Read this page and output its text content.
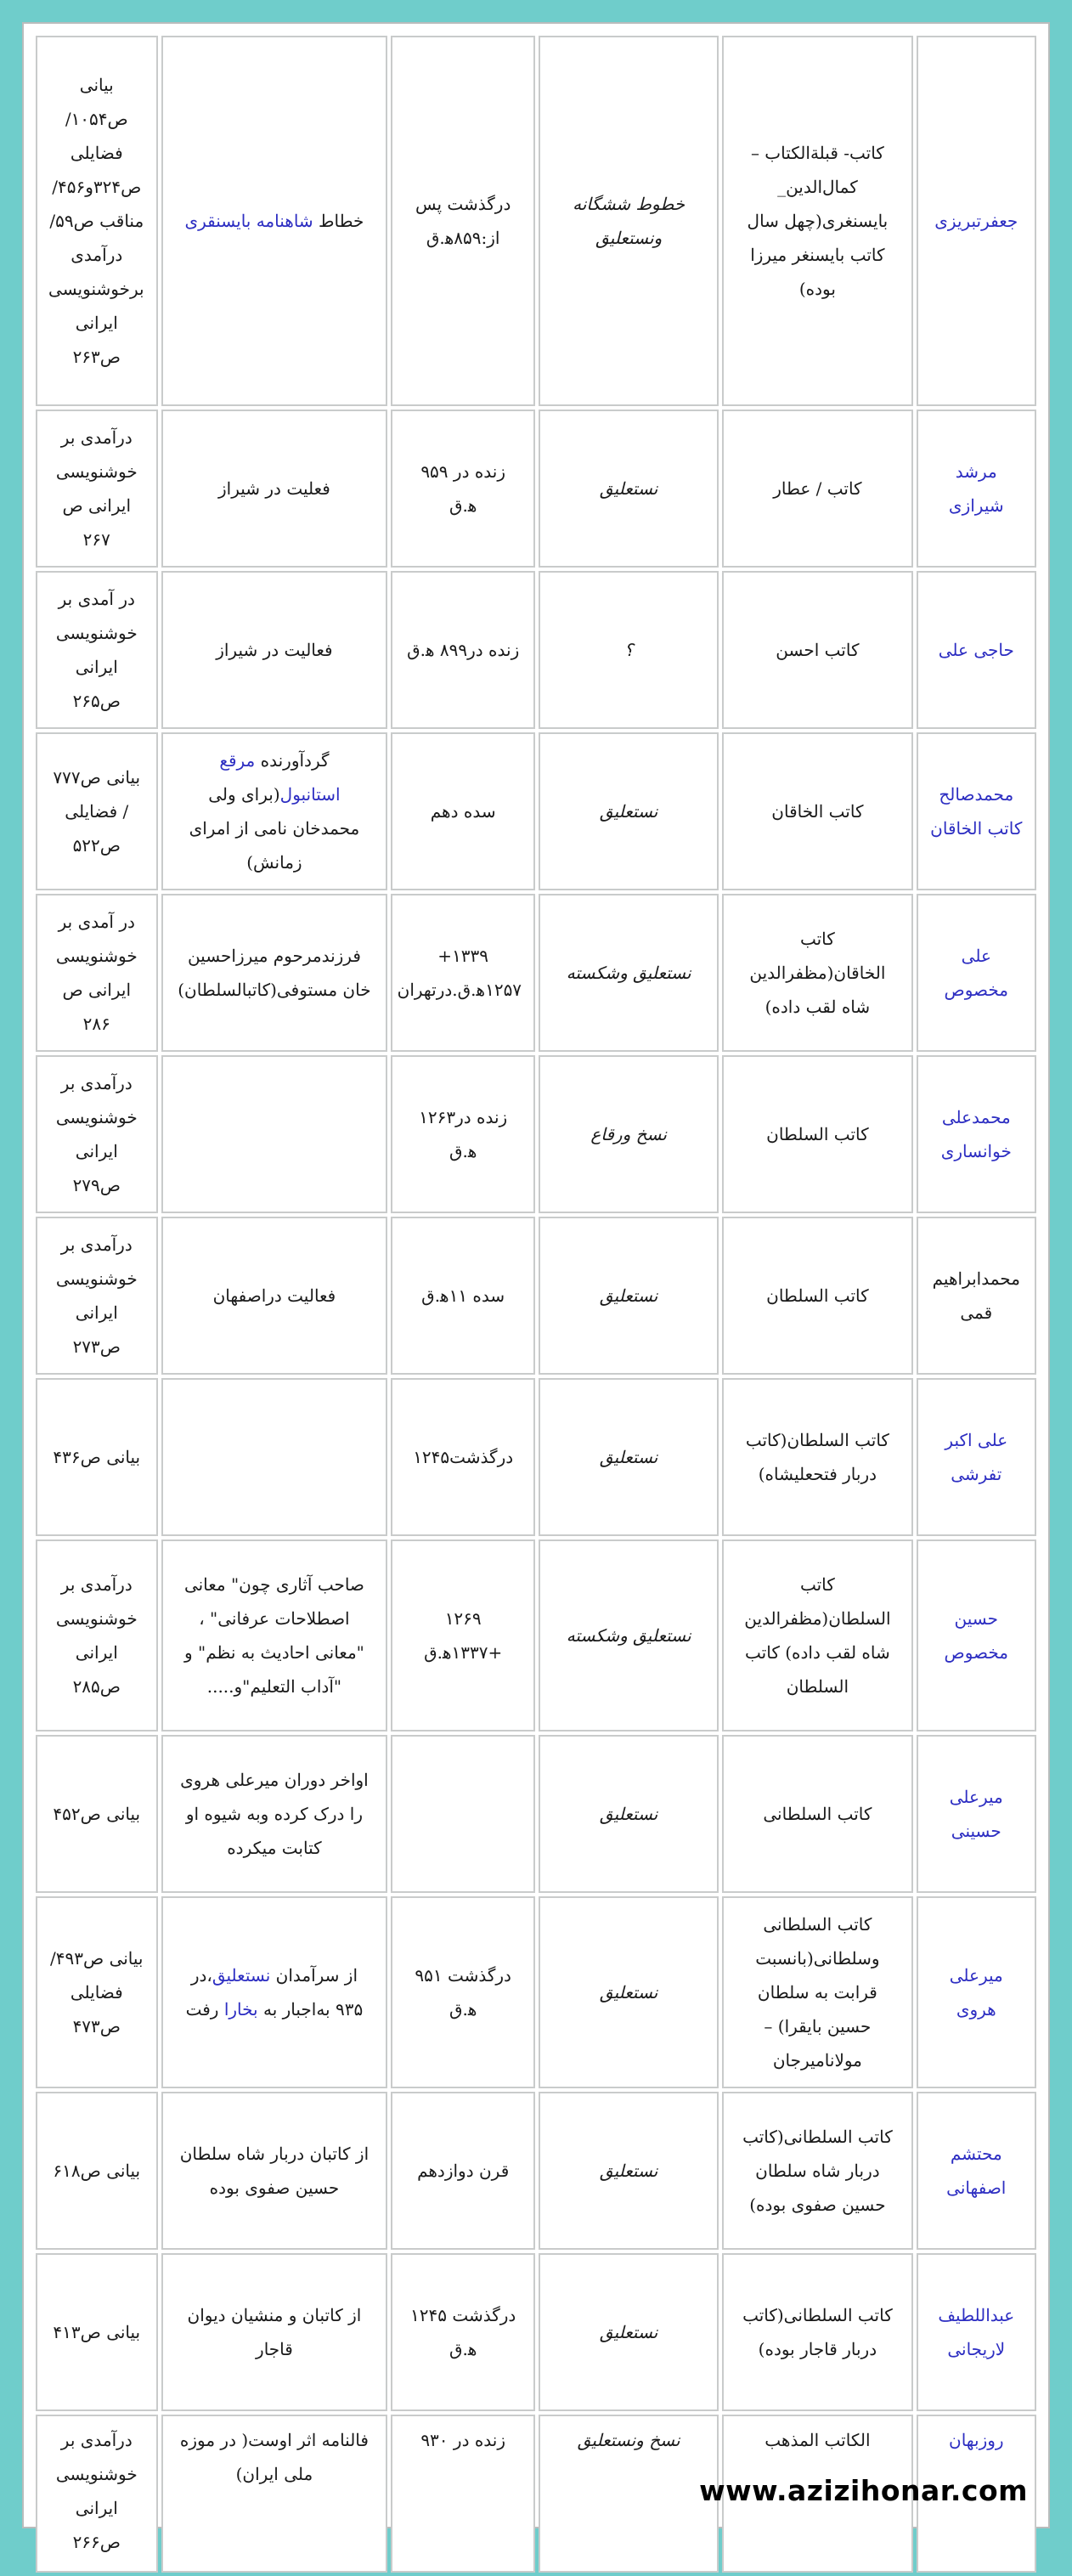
جعفرتبریزی	کاتب- قبلة‌الکتاب – کمال‌الدین_ بایسنغری(چهل سال کاتب بایسنغر میرزا بوده)	خطوط ششگانه ونستعلیق	درگذشت پس از:۸۵۹ه‍.ق	خطاط شاهنامه بایسنقری	بیانی ص۱۰۵۴/فضایلی ص۳۲۴و۴۵۶/ مناقب ص۵۹/ درآمدی برخوشنویسی ایرانی ص۲۶۳
مرشد شیرازی	کاتب / عطار	نستعلیق	زنده در ۹۵۹ ه‍.ق	فعلیت در شیراز	درآمدی بر خوشنویسی ایرانی ص ۲۶۷
حاجی علی	کاتب احسن	؟	زنده در۸۹۹ ه‍.ق	فعالیت در شیراز	در آمدی بر خوشنویسی ایرانی ص۲۶۵
محمدصالح کاتب الخاقان	کاتب الخاقان	نستعلیق	سده دهم	گردآورنده مرقع استانبول(برای ولی محمدخان نامی از امرای زمانش)	بیانی ص۷۷۷ / فضایلی ص۵۲۲
علی مخصوص	کاتب الخاقان(مظفرالدین شاه لقب داده)	نستعلیق وشکسته	۱۳۳۹+ ۱۲۵۷ه‍.ق.درتهران	فرزندمرحوم میرزاحسین خان مستوفی(کاتبالسلطان)	در آمدی بر خوشنویسی ایرانی ص ۲۸۶
محمدعلی خوانساری	کاتب السلطان	نسخ ورقاع	زنده در۱۲۶۳ ه‍.ق		درآمدی بر خوشنویسی ایرانی ص۲۷۹
محمدابراهیم قمی	کاتب السلطان	نستعلیق	سده ۱۱ه‍.ق	فعالیت دراصفهان	درآمدی بر خوشنویسی ایرانی ص۲۷۳
علی اکبر تفرشی	کاتب السلطان(کاتب دربار فتحعلیشاه)	نستعلیق	درگذشت۱۲۴۵		بیانی ص۴۳۶
حسین مخصوص	کاتب السلطان(مظفرالدین شاه لقب داده) کاتب السلطان	نستعلیق وشکسته	۱۲۶۹ +۱۳۳۷ه‍.ق	صاحب آثاری چون" معانی اصطلاحات عرفانی" ، "معانی احادیث به نظم" و "آداب التعلیم"و.....	درآمدی بر خوشنویسی ایرانی ص۲۸۵
میرعلی حسینی	کاتب السلطانی	نستعلیق		اواخر دوران میرعلی هروی را درک کرده وبه شیوه او کتابت میکرده	بیانی ص۴۵۲
میرعلی هروی	کاتب السلطانی وسلطانی(بانسبت قرابت به سلطان حسین بایقرا) – مولانامیرجان	نستعلیق	درگذشت ۹۵۱ ه‍.ق	از سرآمدان نستعلیق،در ۹۳۵ به‌اجبار به بخارا رفت	بیانی ص۴۹۳/فضایلی ص۴۷۳
محتشم اصفهانی	کاتب السلطانی(کاتب دربار شاه سلطان حسین صفوی بوده)	نستعلیق	قرن دوازدهم	از کاتبان دربار شاه سلطان حسین صفوی بوده	بیانی ص۶۱۸
عبداللطیف لاریجانی	کاتب السلطانی(کاتب دربار قاجار بوده)	نستعلیق	درگذشت ۱۲۴۵ ه‍.ق	از کاتبان و منشیان دیوان قاجار	بیانی ص۴۱۳
روزبهان	الکاتب المذهب	نسخ ونستعلیق	زنده در ۹۳۰	فالنامه اثر اوست( در موزه ملی ایران)	درآمدی بر خوشنویسی ایرانی ص۲۶۶
www.azizihonar.com
